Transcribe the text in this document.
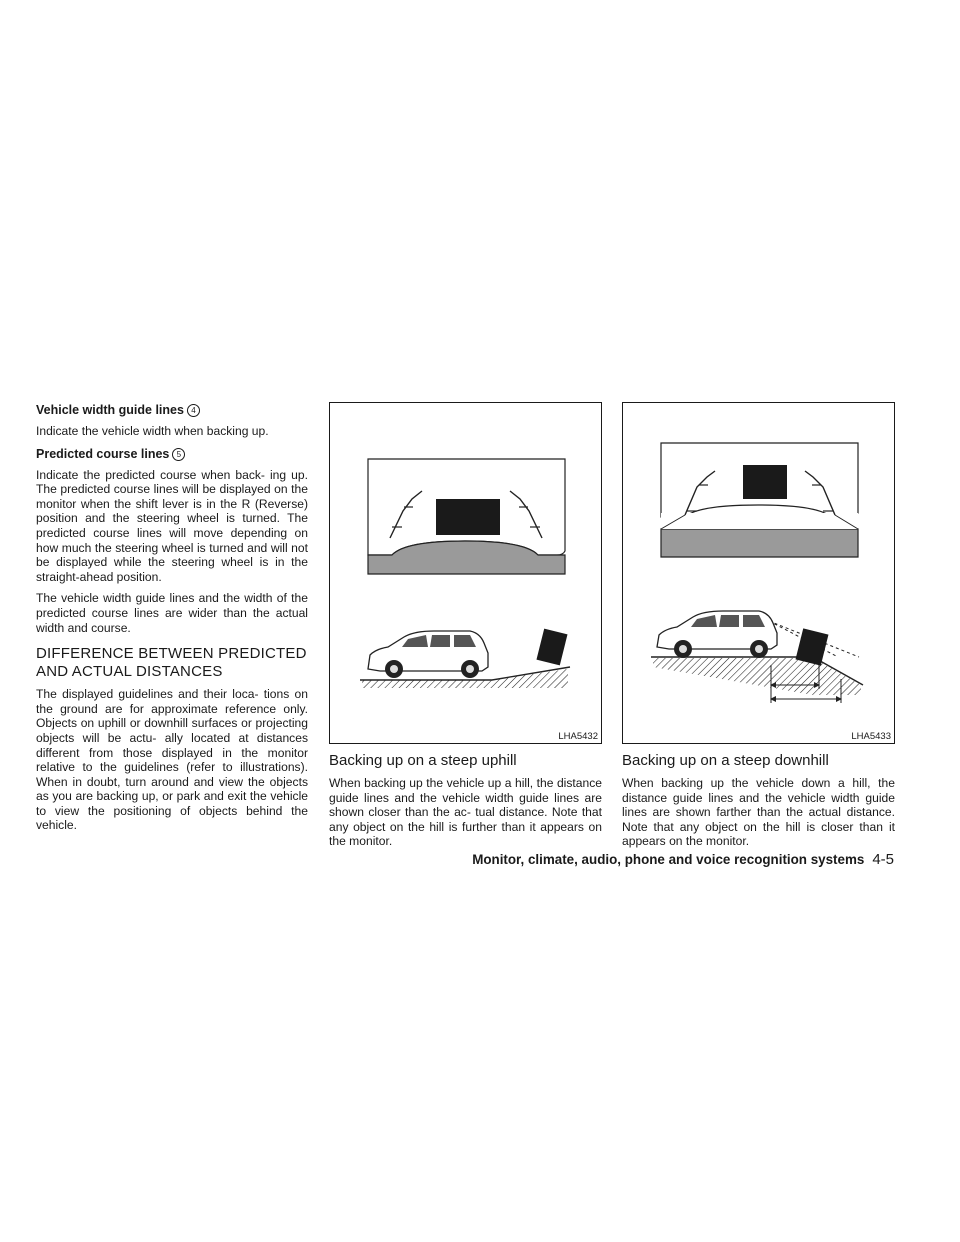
Vehicle width guide lines 4

Indicate the vehicle width when backing up.

Predicted course lines 5

Indicate the predicted course when back- ing up. The predicted course lines will be displayed on the monitor when the shift lever is in the R (Reverse) position and the steering wheel is turned. The predicted course lines will move depending on how much the steering wheel is turned and will not be displayed while the steering wheel is in the straight-ahead position.

The vehicle width guide lines and the width of the predicted course lines are wider than the actual width and course.

DIFFERENCE BETWEEN PREDICTED AND ACTUAL DISTANCES

The displayed guidelines and their loca- tions on the ground are for approximate reference only. Objects on uphill or downhill surfaces or projecting objects will be actu- ally located at distances different from those displayed in the monitor relative to the guidelines (refer to illustrations). When in doubt, turn around and view the objects as you are backing up, or park and exit the vehicle to view the positioning of objects behind the vehicle.

LHA5432
Backing up on a steep uphill

When backing up the vehicle up a hill, the distance guide lines and the vehicle width guide lines are shown closer than the ac- tual distance. Note that any object on the hill is further than it appears on the monitor.

LHA5433
Backing up on a steep downhill

When backing up the vehicle down a hill, the distance guide lines and the vehicle width guide lines are shown farther than the actual distance. Note that any object on the hill is closer than it appears on the monitor.

Monitor, climate, audio, phone and voice recognition systems 4-5
